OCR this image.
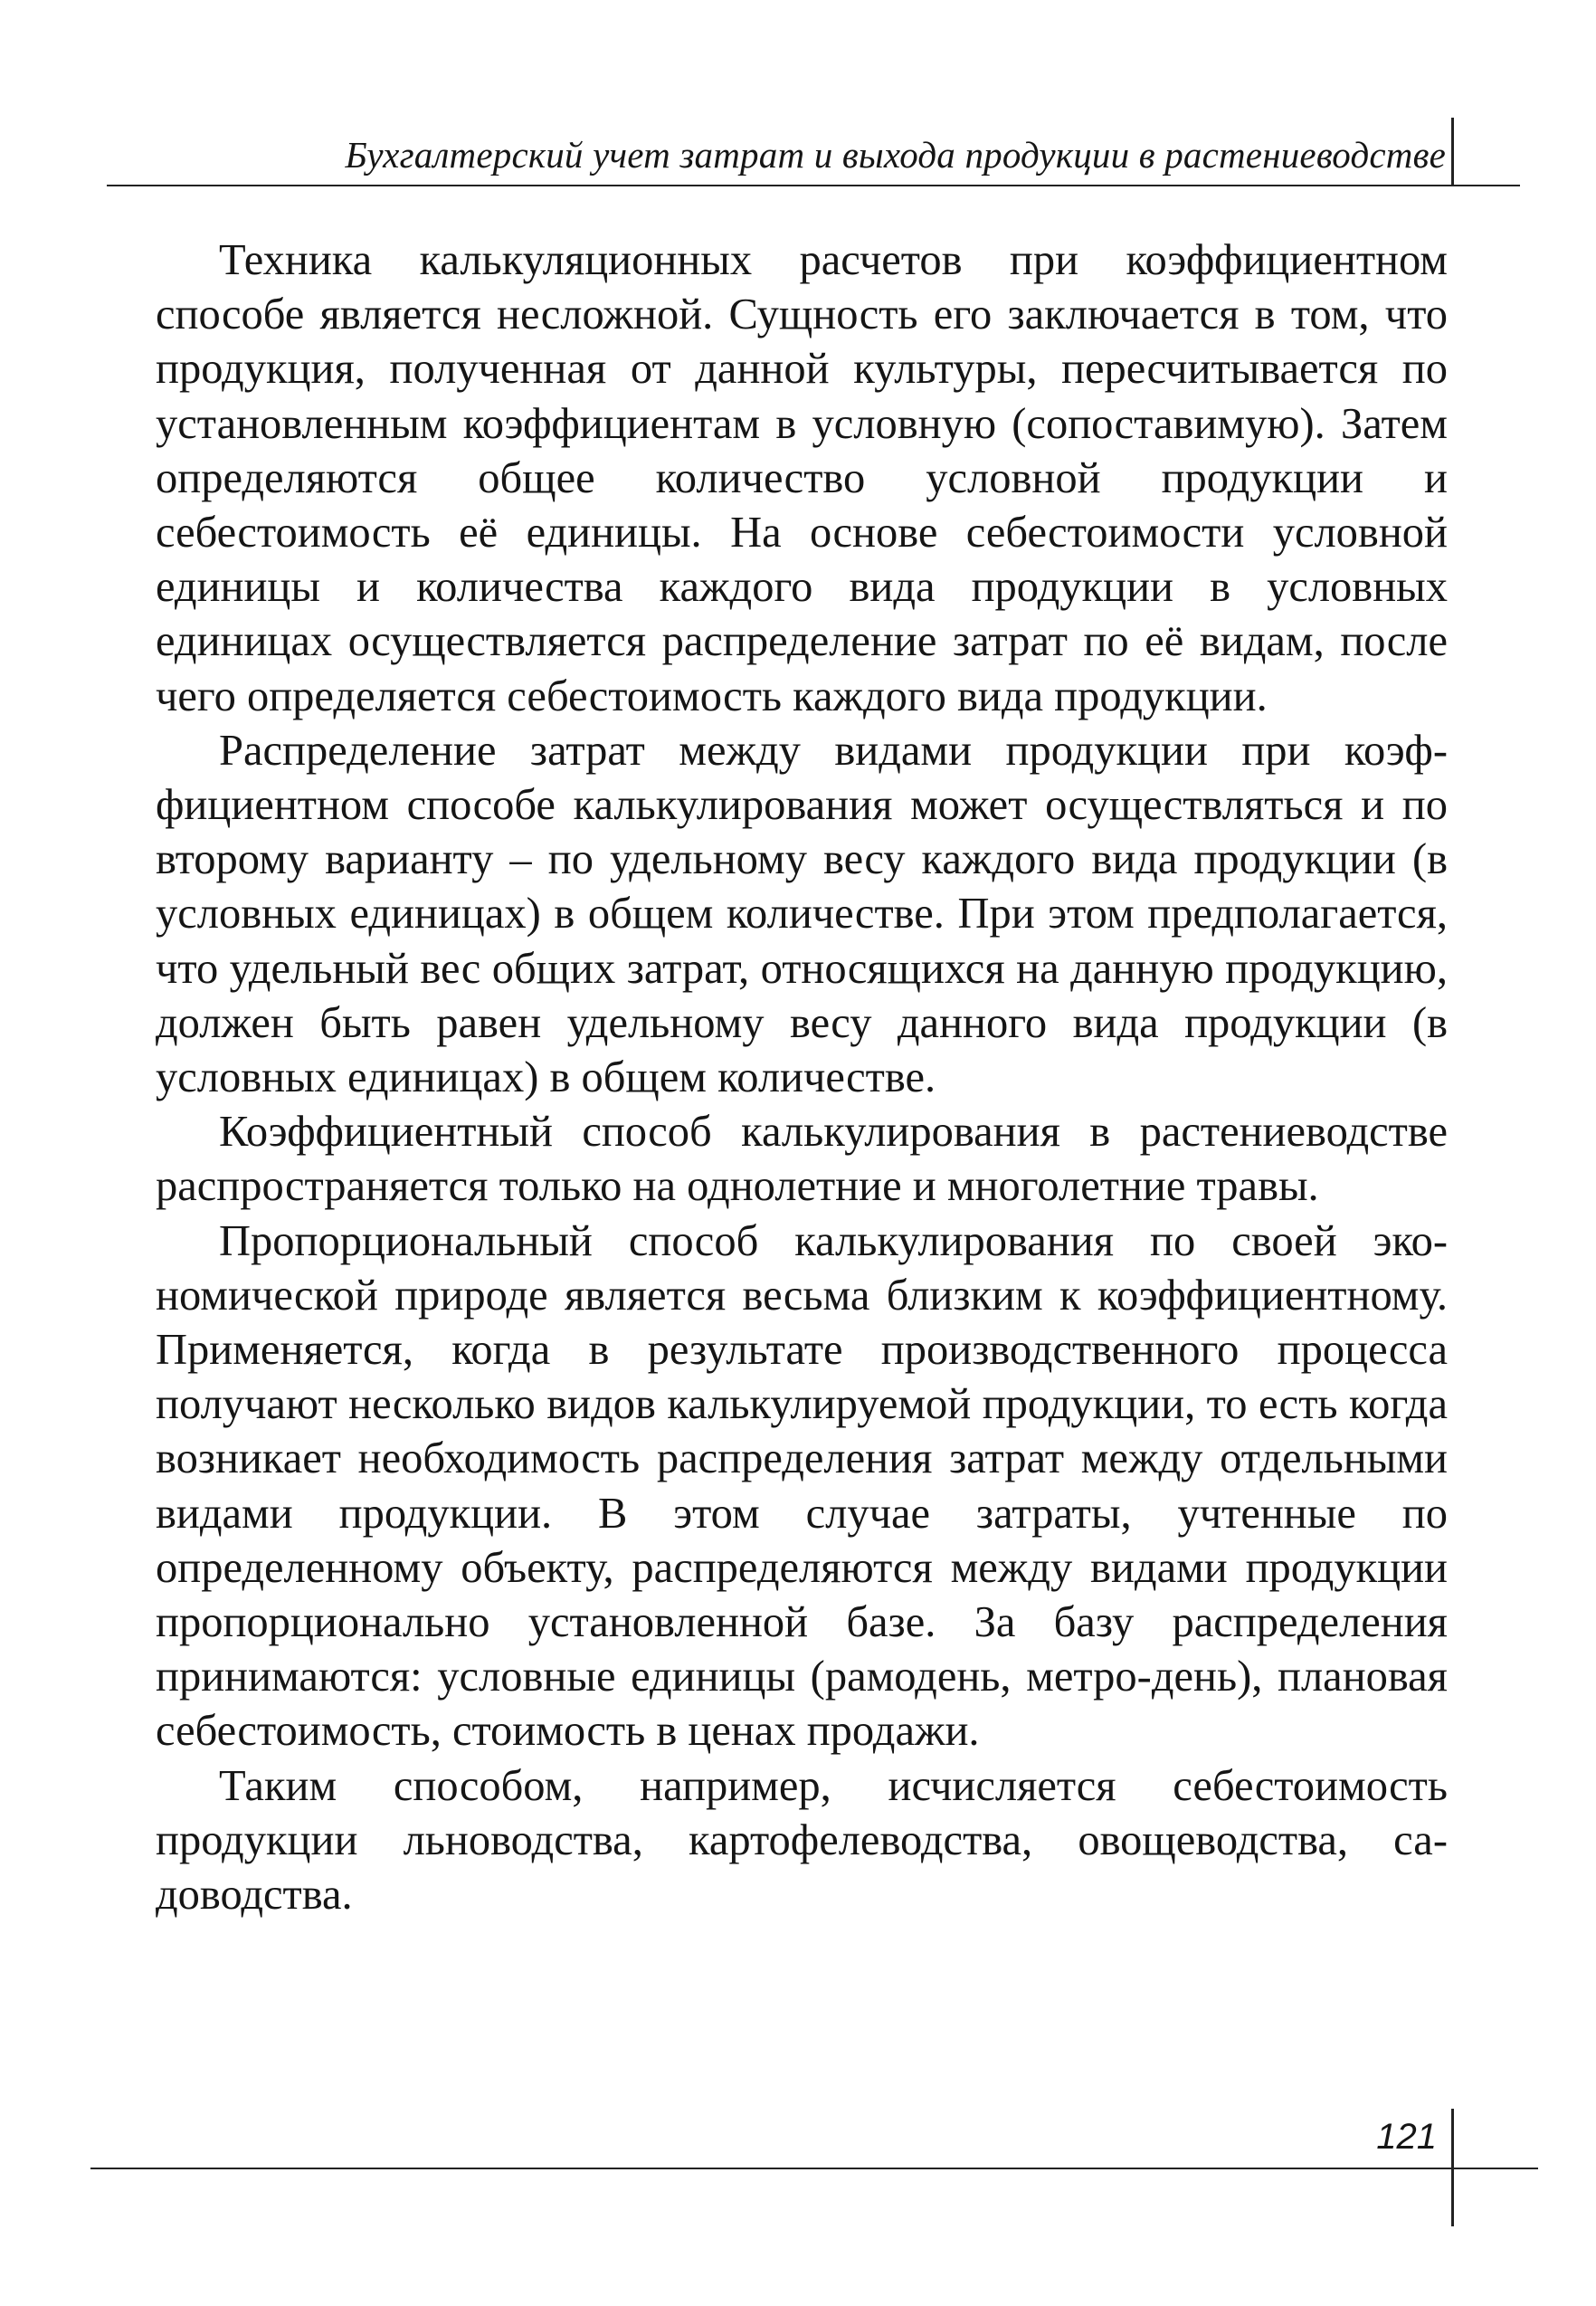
Бухгалтерский учет затрат и выхода продукции в растениеводстве

Техника калькуляционных расчетов при коэффициентном способе является несложной. Сущность его заключается в том, что продукция, полученная от данной культуры, пересчитывается по установленным коэффициентам в условную (сопоставимую). Затем определяются общее количество условной продукции и себестоимость её единицы. На основе себестоимости условной единицы и количества каждого вида продукции в условных единицах осуществляется распределение затрат по её видам, после чего определяется себестоимость каждого вида продукции.

Распределение затрат между видами продукции при коэффициентном способе калькулирования может осуществляться и по второму варианту – по удельному весу каждого вида продукции (в условных единицах) в общем количестве. При этом предполагается, что удельный вес общих затрат, относящихся на данную продукцию, должен быть равен удельному весу данного вида продукции (в условных единицах) в общем количестве.

Коэффициентный способ калькулирования в растениеводстве распространяется только на однолетние и многолетние травы.

Пропорциональный способ калькулирования по своей экономической природе является весьма близким к коэффициентному. Применяется, когда в результате производственного процесса получают несколько видов калькулируемой продукции, то есть когда возникает необходимость распределения затрат между отдельными видами продукции. В этом случае затраты, учтенные по определенному объекту, распределяются между видами продукции пропорционально установленной базе. За базу распределения принимаются: условные единицы (рамодень, метро-день), плановая себестоимость, стоимость в ценах продажи.

Таким способом, например, исчисляется себестоимость продукции льноводства, картофелеводства, овощеводства, садоводства.

121
